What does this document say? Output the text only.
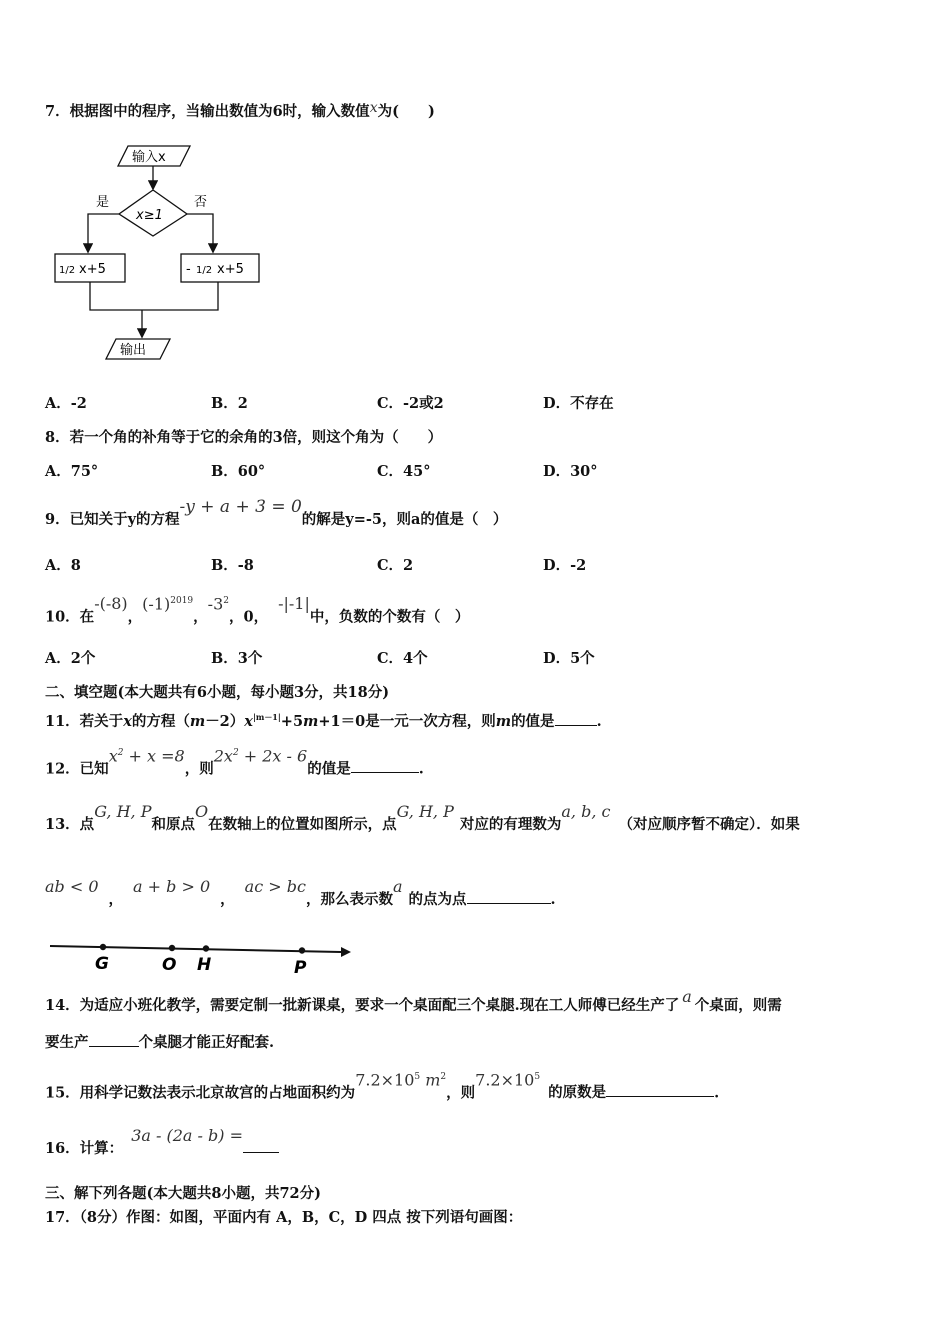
7．根据图中的程序，当输出数值为6时，输入数值x为(　　)
输入x
x≥1
是	否
1/2 x+5	- 1/2 x+5
输出
A．-2	B．2	C．-2或2	D．不存在
8．若一个角的补角等于它的余角的3倍，则这个角为（　　）
A．75°	B．60°	C．45°	D．30°
9．已知关于y的方程-y + a + 3 = 0的解是y=-5，则a的值是（　）
A．8	B．-8	C．2	D．-2
10．在-(-8)，$(-1)^{2019}$，$-3^2$，0，-|-1|中，负数的个数有（　）
A．2个	B．3个	C．4个	D．5个
二、填空题(本大题共有6小题，每小题3分，共18分)
11．若关于x的方程$(m-2)x^{|m-1|}+5m+1=0$是一元一次方程，则m的值是	.
12．已知$x^2 + x =8$，则$2x^2 + 2x - 6$的值是	.
13．点G, H, P和原点O在数轴上的位置如图所示，点G, H, P对应的有理数为a, b, c（对应顺序暂不确定）．如果
ab < 0，a + b > 0，ac > bc，那么表示数a的点为点	.
G	O H	P
14．为适应小班化教学，需要定制一批新课桌，要求一个桌面配三个桌腿.现在工人师傅已经生产了 a 个桌面，则需
要生产	个桌腿才能正好配套.
15．用科学记数法表示北京故宫的占地面积约为$7.2\times 10^5$ $m^2$，则$7.2\times 10^5$的原数是	.
16．计算：3a - (2a - b) =
三、解下列各题(本大题共8小题，共72分)
17．（8分）作图：如图，平面内有 A，B，C，D 四点 按下列语句画图：
